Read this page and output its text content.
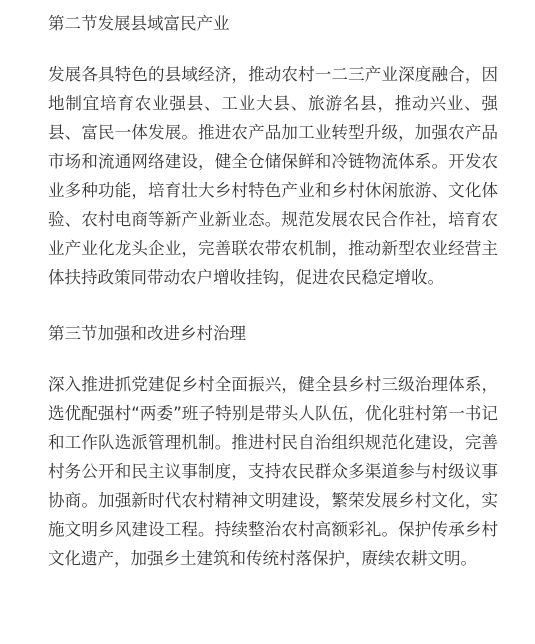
第二节发展县域富民产业

发展各具特色的县域经济，推动农村一二三产业深度融合，因地制宜培育农业强县、工业大县、旅游名县，推动兴业、强县、富民一体发展。推进农产品加工业转型升级，加强农产品市场和流通网络建设，健全仓储保鲜和冷链物流体系。开发农业多种功能，培育壮大乡村特色产业和乡村休闲旅游、文化体验、农村电商等新产业新业态。规范发展农民合作社，培育农业产业化龙头企业，完善联农带农机制，推动新型农业经营主体扶持政策同带动农户增收挂钩，促进农民稳定增收。

第三节加强和改进乡村治理

深入推进抓党建促乡村全面振兴，健全县乡村三级治理体系，选优配强村“两委”班子特别是带头人队伍，优化驻村第一书记和工作队选派管理机制。推进村民自治组织规范化建设，完善村务公开和民主议事制度，支持农民群众多渠道参与村级议事协商。加强新时代农村精神文明建设，繁荣发展乡村文化，实施文明乡风建设工程。持续整治农村高额彩礼。保护传承乡村文化遗产，加强乡土建筑和传统村落保护，赓续农耕文明。
